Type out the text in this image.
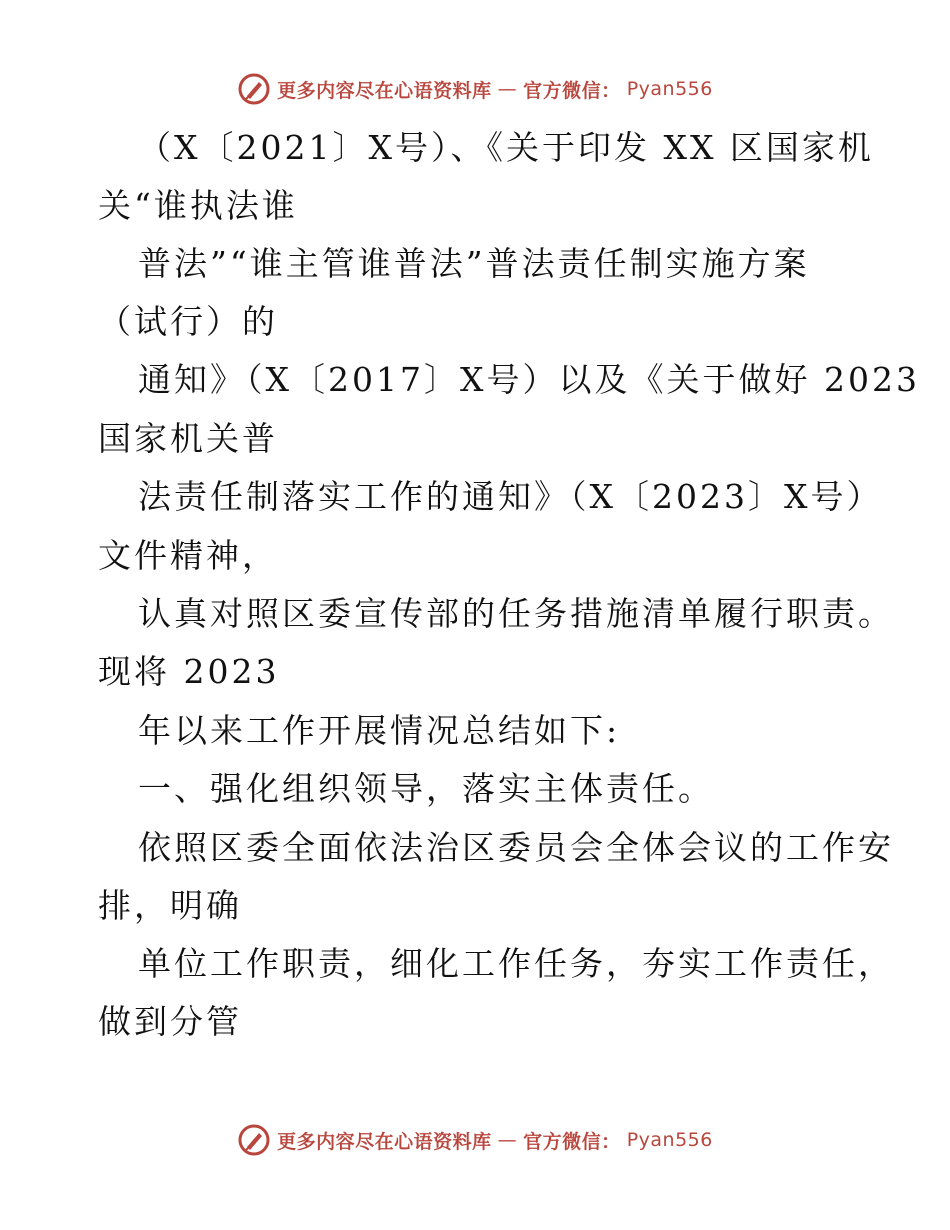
更多内容尽在心语资料库 — 官方微信： Pyan556
（X〔2021〕X号）、《关于印发 XX 区国家机
关“谁执法谁
普法”“谁主管谁普法”普法责任制实施方案
（试行）的
通知》（X〔2017〕X号）以及《关于做好 2023
国家机关普
法责任制落实工作的通知》（X〔2023〕X号）
文件精神，
认真对照区委宣传部的任务措施清单履行职责。
现将 2023
年以来工作开展情况总结如下:
一、强化组织领导，落实主体责任。
依照区委全面依法治区委员会全体会议的工作安
排，明确
单位工作职责，细化工作任务，夯实工作责任，
做到分管
更多内容尽在心语资料库 — 官方微信： Pyan556
